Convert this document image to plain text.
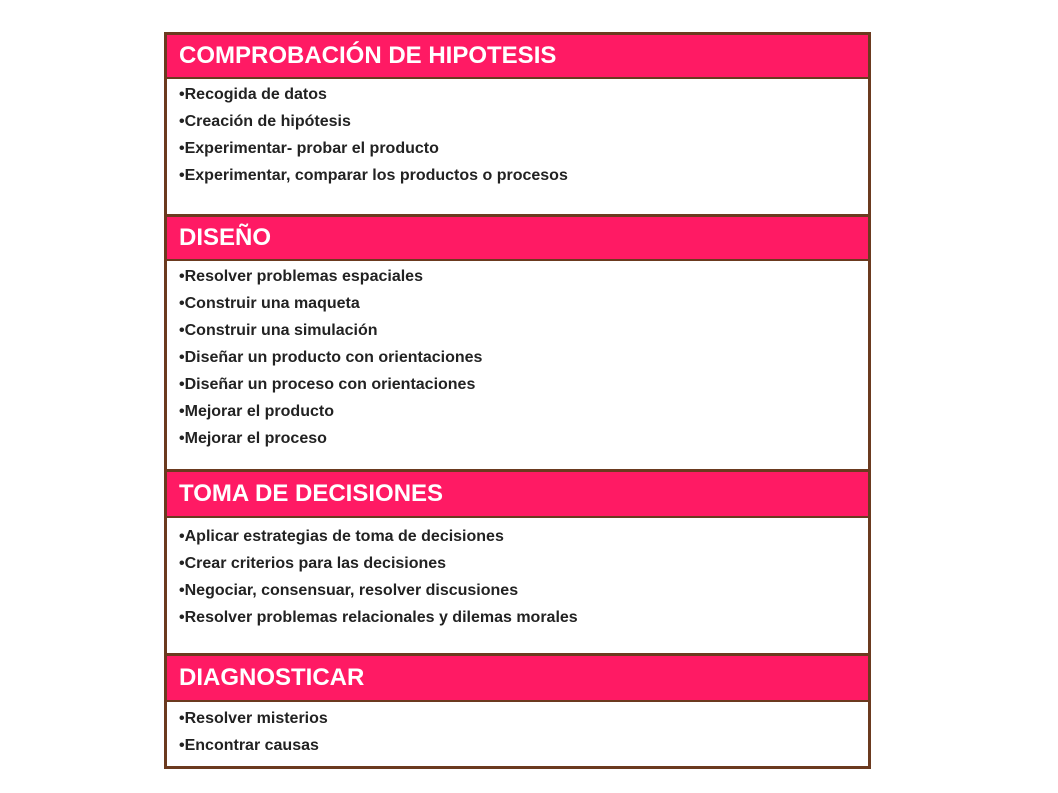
COMPROBACIÓN DE HIPOTESIS
•Recogida de datos
•Creación de hipótesis
•Experimentar- probar el producto
•Experimentar, comparar los productos o procesos
DISEÑO
•Resolver problemas espaciales
•Construir una maqueta
•Construir una simulación
•Diseñar un producto con orientaciones
•Diseñar un proceso con orientaciones
•Mejorar el producto
•Mejorar el proceso
TOMA DE DECISIONES
•Aplicar estrategias de toma de decisiones
•Crear criterios para las decisiones
•Negociar, consensuar, resolver discusiones
•Resolver problemas relacionales y dilemas morales
DIAGNOSTICAR
•Resolver misterios
•Encontrar causas
